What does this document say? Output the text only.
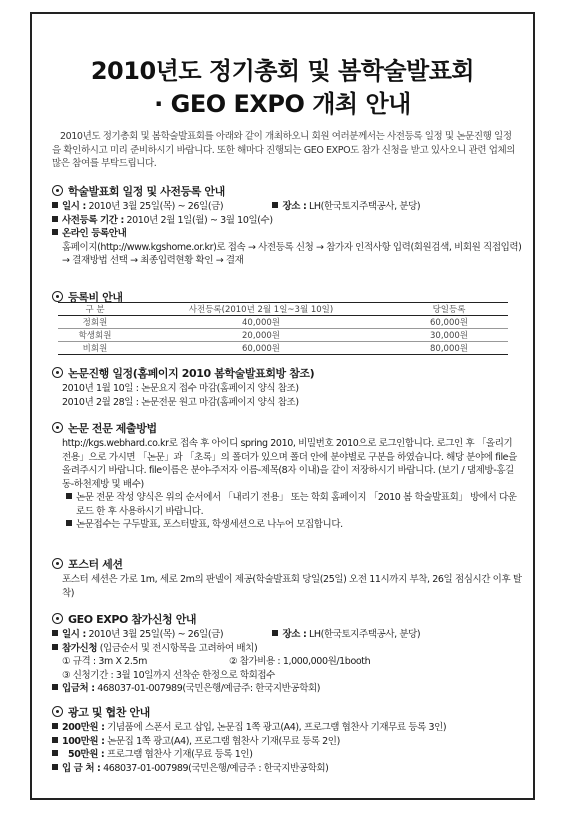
2010년도 정기총회 및 봄학술발표회
· GEO EXPO 개최 안내
2010년도 정기총회 및 봄학술발표회를 아래와 같이 개최하오니 회원 여러분께서는 사전등록 일정 및 논문진행 일정을 확인하시고 미리 준비하시기 바랍니다. 또한 해마다 진행되는 GEO EXPO도 참가 신청을 받고 있사오니 관련 업체의 많은 참여를 부탁드립니다.
학술발표회 일정 및 사전등록 안내
일시 : 2010년 3월 25일(목) ~ 26일(금)	장소 : LH(한국토지주택공사, 분당)
사전등록 기간 : 2010년 2월 1일(월) ~ 3월 10일(수)
온라인 등록안내
홈페이지(http://www.kgshome.or.kr)로 접속 → 사전등록 신청 → 참가자 인적사항 입력(회원검색, 비회원 직접입력) → 결재방법 선택 → 최종입력현황 확인 → 결재
등록비 안내
논문진행 일정(홈페이지 2010 봄학술발표회방 참조)
2010년 1월 10일 : 논문요지 접수 마감(홈페이지 양식 참조)
2010년 2월 28일 : 논문전문 원고 마감(홈페이지 양식 참조)
논문 전문 제출방법
http://kgs.webhard.co.kr로 접속 후 아이디 spring 2010, 비밀번호 2010으로 로그인합니다. 로그인 후 「올리기 전용」으로 가시면 「논문」과 「초록」의 폴더가 있으며 폴더 안에 분야별로 구분을 하였습니다. 해당 분야에 file을 올려주시기 바랍니다. file이름은 분야-주저자 이름-제목(8자 이내)을 같이 저장하시기 바랍니다. (보기 / 댐제방-홍길동-하천제방 및 배수)
논문 전문 작성 양식은 위의 순서에서 「내리기 전용」 또는 학회 홈페이지 「2010 봄 학술발표회」 방에서 다운로드 한 후 사용하시기 바랍니다.
논문접수는 구두발표, 포스터발표, 학생세션으로 나누어 모집합니다.
포스터 세션
포스터 세션은 가로 1m, 세로 2m의 판넬이 제공(학술발표회 당일(25일) 오전 11시까지 부착, 26일 점심시간 이후 탈착)
GEO EXPO 참가신청 안내
일시 : 2010년 3월 25일(목) ~ 26일(금)	장소 : LH(한국토지주택공사, 분당)
참가신청 (입금순서 및 전시항목을 고려하여 배치)
① 규격 : 3m X 2.5m	② 참가비용 : 1,000,000원/1booth
③ 신청기간 : 3월 10일까지 선착순 한정으로 학회접수
입금처 : 468037-01-007989(국민은행/예금주: 한국지반공학회)
광고 및 협찬 안내
200만원 : 기념품에 스폰서 로고 삽입, 논문집 1쪽 광고(A4), 프로그램 협찬사 기재무료 등록 3인)
100만원 : 논문집 1쪽 광고(A4), 프로그램 협찬사 기재(무료 등록 2인)
50만원 : 프로그램 협찬사 기재(무료 등록 1인)
입 금 처 : 468037-01-007989(국민은행/예금주 : 한국지반공학회)
구 분	사전등록(2010년 2월 1일~3월 10일)	당일등록
정회원	40,000원	60,000원
학생회원	20,000원	30,000원
비회원	60,000원	80,000원
